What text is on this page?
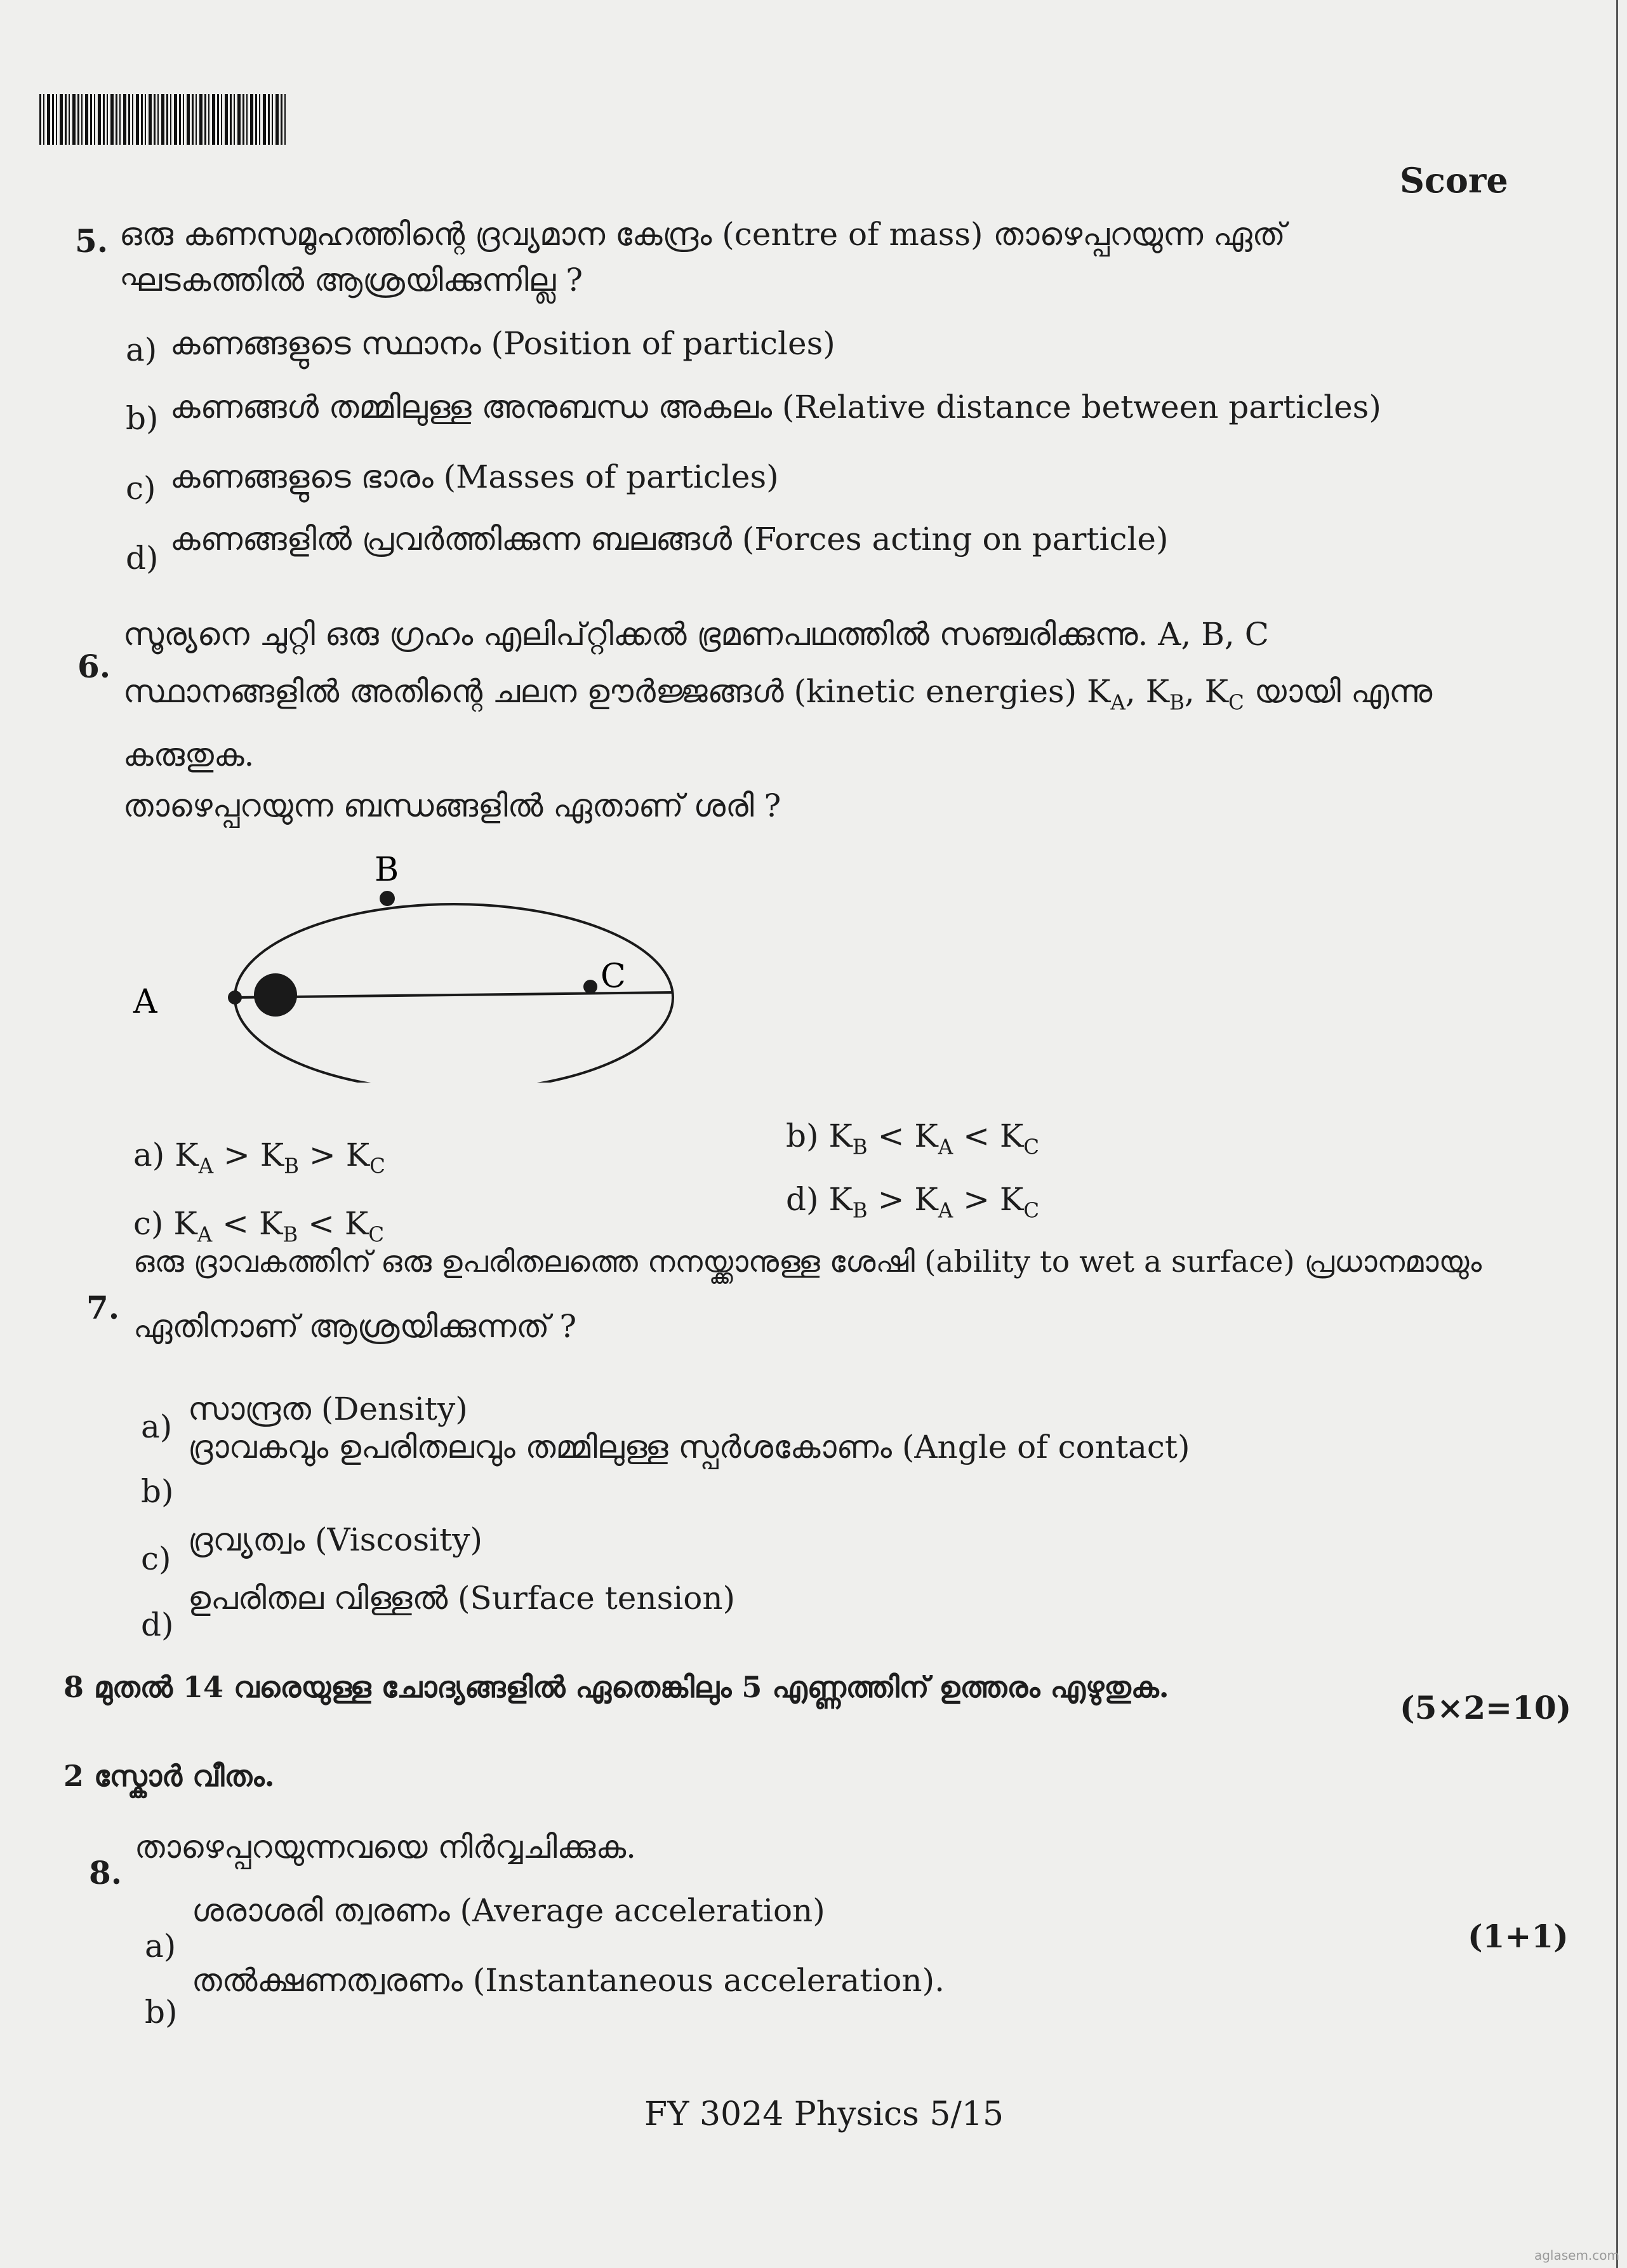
Score
5. ഒരു കണസമൂഹത്തിന്റെ ദ്രവ്യമാന കേന്ദ്രം (centre of mass) താഴെപ്പറയുന്ന ഏത്
ഘടകത്തിൽ ആശ്രയിക്കുന്നില്ല ?
a) കണങ്ങളുടെ സ്ഥാനം (Position of particles)
b) കണങ്ങൾ തമ്മിലുള്ള അനുബന്ധ അകലം (Relative distance between particles)
c) കണങ്ങളുടെ ഭാരം (Masses of particles)
d)
കണങ്ങളിൽ പ്രവർത്തിക്കുന്ന ബലങ്ങൾ (Forces acting on particle)
6.
സൂര്യനെ ചുറ്റി ഒരു ഗ്രഹം എലിപ്റ്റിക്കൽ ഭ്രമണപഥത്തിൽ സഞ്ചരിക്കുന്നു. A, B, C
സ്ഥാനങ്ങളിൽ അതിന്റെ ചലന ഊർജ്ജങ്ങൾ (kinetic energies) $K_A$, $K_B$, $K_C$ യായി എന്നു
കരുതുക.
താഴെപ്പറയുന്ന ബന്ധങ്ങളിൽ ഏതാണ് ശരി ?
B
A
C
a) $K_A > K_B > K_C$
b) $K_B < K_A < K_C$
c) $K_A < K_B < K_C$
d) $K_B > K_A > K_C$
7.
ഒരു ദ്രാവകത്തിന് ഒരു ഉപരിതലത്തെ നനയ്ക്കാനുള്ള ശേഷി (ability to wet a surface) പ്രധാനമായും
ഏതിനാണ് ആശ്രയിക്കുന്നത് ?
a) സാന്ദ്രത (Density)
b)
ദ്രാവകവും ഉപരിതലവും തമ്മിലുള്ള സ്പർശകോണം (Angle of contact)
c)
ദ്രവ്യത്വം (Viscosity)
d)
ഉപരിതല വിള്ളൽ (Surface tension)
8 മുതൽ 14 വരെയുള്ള ചോദ്യങ്ങളിൽ ഏതെങ്കിലും 5 എണ്ണത്തിന് ഉത്തരം എഴുതുക.
(5×2=10)
2 സ്കോർ വീതം.
8.
താഴെപ്പറയുന്നവയെ നിർവ്വചിക്കുക.
a)
ശരാശരി ത്വരണം (Average acceleration)
(1+1)
b)
തൽക്ഷണത്വരണം (Instantaneous acceleration).
FY 3024 Physics 5/15
aglasem.com
